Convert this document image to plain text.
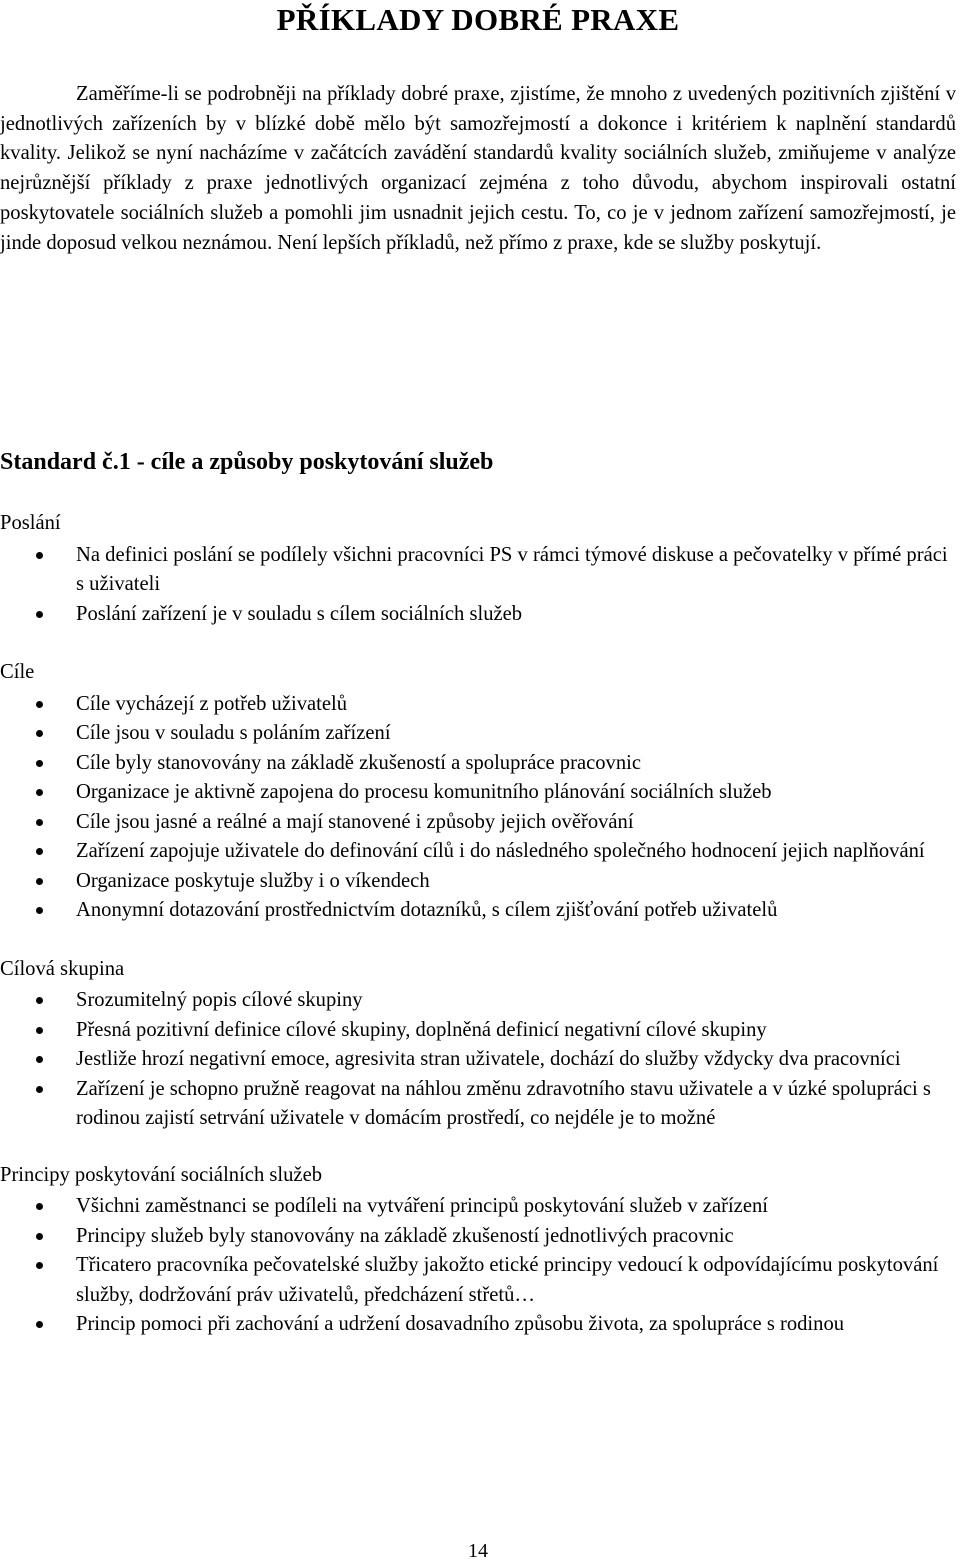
PŘÍKLADY DOBRÉ PRAXE
Zaměříme-li se podrobněji na příklady dobré praxe, zjistíme, že mnoho z uvedených pozitivních zjištění v jednotlivých zařízeních by v blízké době mělo být samozřejmostí a dokonce i kritériem k naplnění standardů kvality. Jelikož se nyní nacházíme v začátcích zavádění standardů kvality sociálních služeb, zmiňujeme v analýze nejrůznější příklady z praxe jednotlivých organizací zejména z toho důvodu, abychom inspirovali ostatní poskytovatele sociálních služeb a pomohli jim usnadnit jejich cestu. To, co je v jednom zařízení samozřejmostí, je jinde doposud velkou neznámou. Není lepších příkladů, než přímo z praxe, kde se služby poskytují.
Standard č.1 - cíle a způsoby poskytování služeb
Poslání
Na definici poslání se podílely všichni pracovníci PS v rámci týmové diskuse a pečovatelky v přímé práci s uživateli
Poslání zařízení je v souladu s cílem sociálních služeb
Cíle
Cíle vycházejí z potřeb uživatelů
Cíle jsou v souladu s poláním zařízení
Cíle byly stanovovány na základě zkušeností a spolupráce pracovnic
Organizace je aktivně zapojena do procesu komunitního plánování sociálních služeb
Cíle jsou jasné a reálné a mají stanovené i způsoby jejich ověřování
Zařízení zapojuje uživatele do definování cílů i do následného společného hodnocení jejich naplňování
Organizace poskytuje služby i o víkendech
Anonymní dotazování prostřednictvím dotazníků, s cílem zjišťování potřeb uživatelů
Cílová skupina
Srozumitelný popis cílové skupiny
Přesná pozitivní definice cílové skupiny, doplněná definicí negativní cílové skupiny
Jestliže hrozí negativní emoce, agresivita stran uživatele, dochází do služby vždycky dva pracovníci
Zařízení je schopno pružně reagovat na náhlou změnu zdravotního stavu uživatele a v úzké spolupráci s rodinou zajistí setrvání uživatele v domácím prostředí, co nejdéle je to možné
Principy poskytování sociálních služeb
Všichni zaměstnanci se podíleli na vytváření principů poskytování služeb v zařízení
Principy služeb byly stanovovány na základě zkušeností jednotlivých pracovnic
Třicatero pracovníka pečovatelské služby jakožto etické principy vedoucí k odpovídajícímu poskytování služby, dodržování práv uživatelů, předcházení střetů…
Princip pomoci při zachování a udržení dosavadního způsobu života, za spolupráce s rodinou
14
